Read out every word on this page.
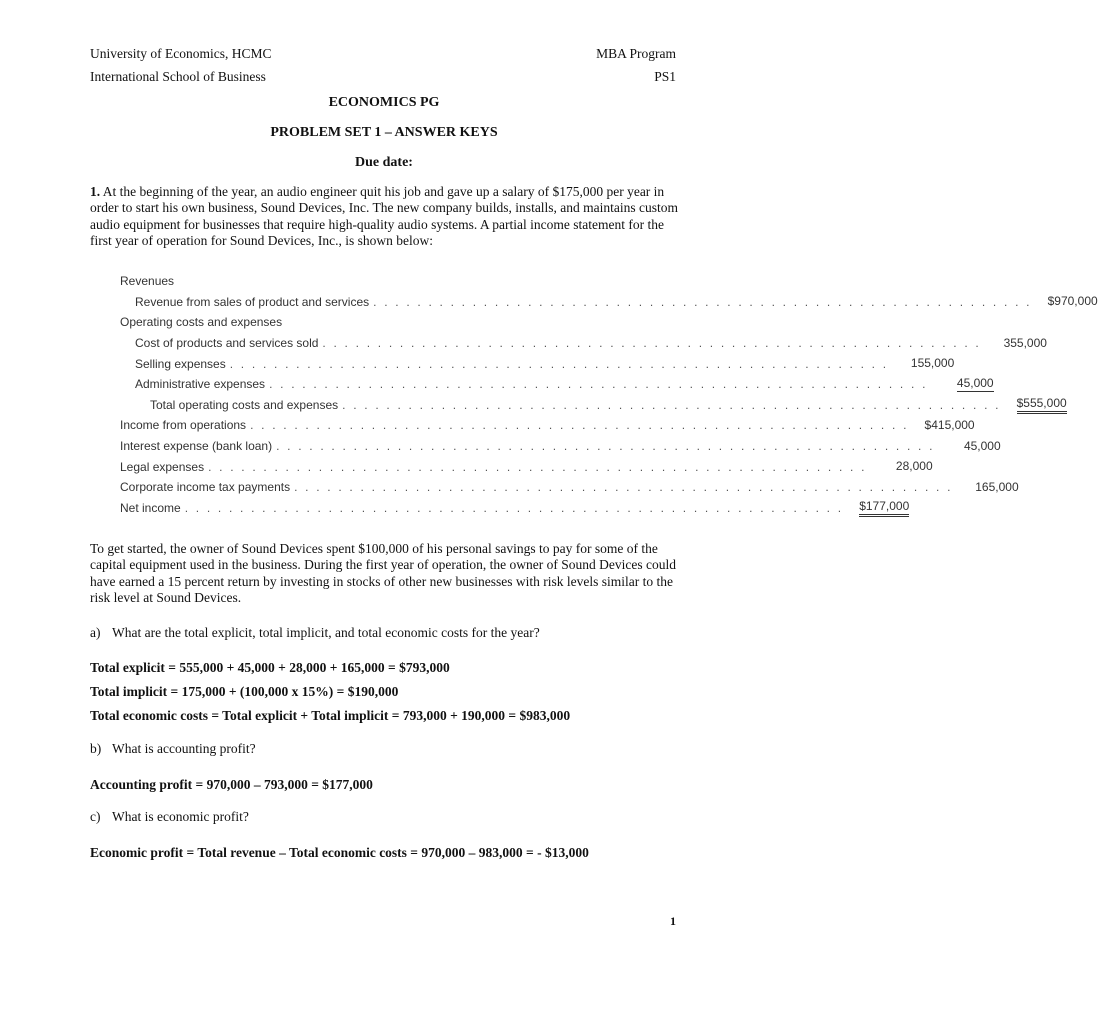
University of Economics, HCMC
International School of Business
MBA Program
PS1
ECONOMICS PG
PROBLEM SET 1 – ANSWER KEYS
Due date:

1. At the beginning of the year, an audio engineer quit his job and gave up a salary of $175,000 per year in order to start his own business, Sound Devices, Inc. The new company builds, installs, and maintains custom audio equipment for businesses that require high-quality audio systems. A partial income statement for the first year of operation for Sound Devices, Inc., is shown below:

Revenues
Revenue from sales of product and services . . . . . . . . . . . . . . . . . . . . . . . . . . . . . . . . . . . . . . . . . . . . . . . . . . . . . . . . . . . .	$970,000
Operating costs and expenses
Cost of products and services sold . . . . . . . . . . . . . . . . . . . . . . . . . . . . . . . . . . . . . . . . . . . . . . . . . . . . . . . . . . . .	355,000
Selling expenses . . . . . . . . . . . . . . . . . . . . . . . . . . . . . . . . . . . . . . . . . . . . . . . . . . . . . . . . . . . .	155,000
Administrative expenses . . . . . . . . . . . . . . . . . . . . . . . . . . . . . . . . . . . . . . . . . . . . . . . . . . . . . . . . . . . .	45,000
Total operating costs and expenses . . . . . . . . . . . . . . . . . . . . . . . . . . . . . . . . . . . . . . . . . . . . . . . . . . . . . . . . . . . .	$555,000
Income from operations . . . . . . . . . . . . . . . . . . . . . . . . . . . . . . . . . . . . . . . . . . . . . . . . . . . . . . . . . . . .	$415,000
Interest expense (bank loan) . . . . . . . . . . . . . . . . . . . . . . . . . . . . . . . . . . . . . . . . . . . . . . . . . . . . . . . . . . . .	45,000
Legal expenses . . . . . . . . . . . . . . . . . . . . . . . . . . . . . . . . . . . . . . . . . . . . . . . . . . . . . . . . . . . .	28,000
Corporate income tax payments . . . . . . . . . . . . . . . . . . . . . . . . . . . . . . . . . . . . . . . . . . . . . . . . . . . . . . . . . . . .	165,000
Net income . . . . . . . . . . . . . . . . . . . . . . . . . . . . . . . . . . . . . . . . . . . . . . . . . . . . . . . . . . . .	$177,000

To get started, the owner of Sound Devices spent $100,000 of his personal savings to pay for some of the capital equipment used in the business. During the first year of operation, the owner of Sound Devices could have earned a 15 percent return by investing in stocks of other new businesses with risk levels similar to the risk level at Sound Devices.

a) What are the total explicit, total implicit, and total economic costs for the year?
Total explicit = 555,000 + 45,000 + 28,000 + 165,000 = $793,000
Total implicit = 175,000 + (100,000 x 15%) = $190,000
Total economic costs = Total explicit + Total implicit = 793,000 + 190,000 = $983,000
b) What is accounting profit?
Accounting profit = 970,000 – 793,000 = $177,000
c) What is economic profit?
Economic profit = Total revenue – Total economic costs = 970,000 – 983,000 = - $13,000
1
